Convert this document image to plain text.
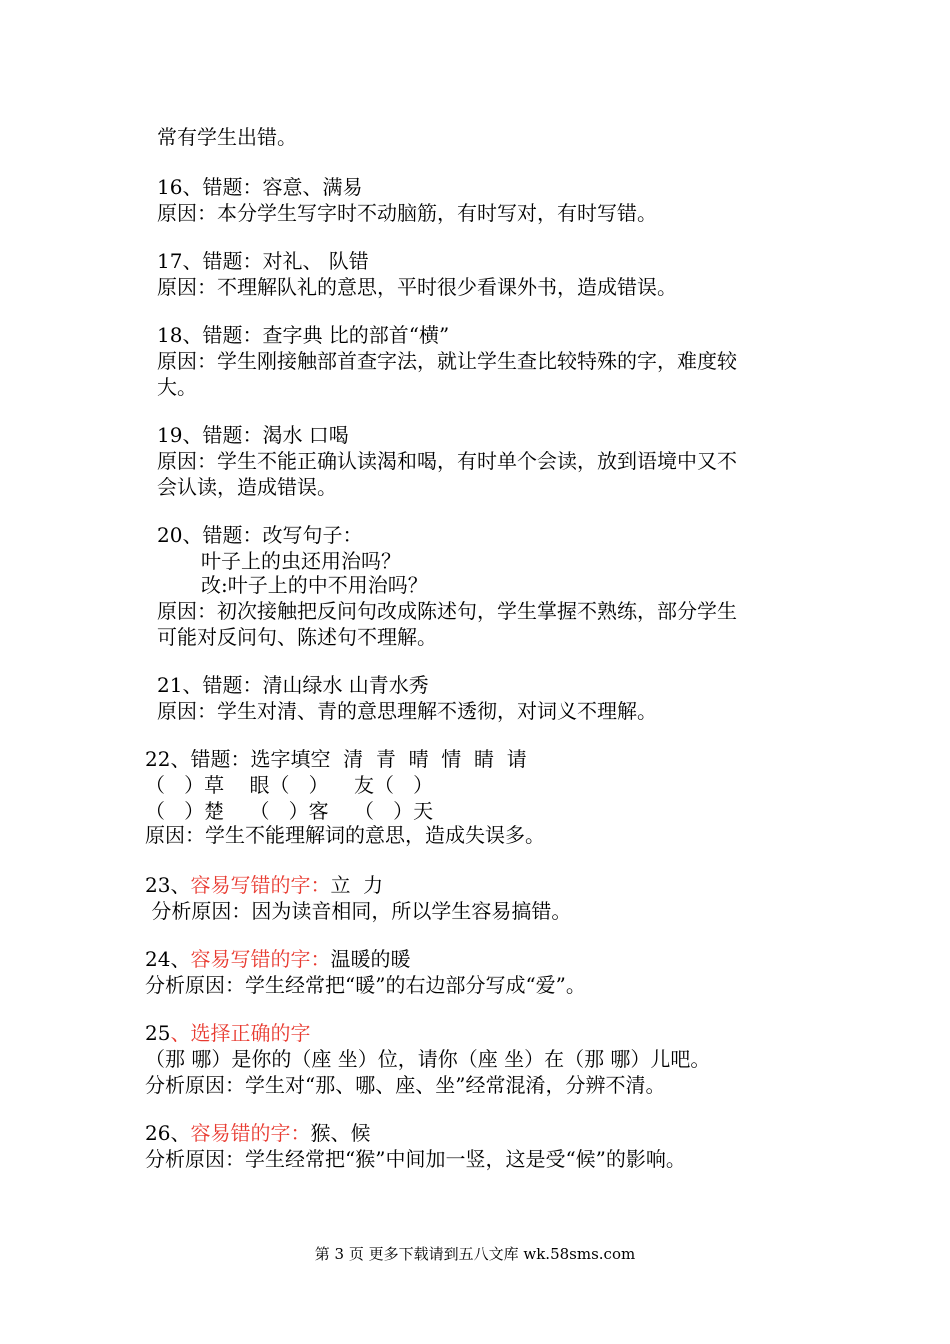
常有学生出错。
16、错题：容意、满易
原因：本分学生写字时不动脑筋，有时写对，有时写错。
17、错题：对礼、 队错
原因：不理解队礼的意思，平时很少看课外书，造成错误。
18、错题：查字典 比的部首“横”
原因：学生刚接触部首查字法，就让学生查比较特殊的字，难度较
大。
19、错题：渴水 口喝
原因：学生不能正确认读渴和喝，有时单个会读，放到语境中又不
会认读，造成错误。
20、错题：改写句子：
叶子上的虫还用治吗？
改:叶子上的中不用治吗？
原因：初次接触把反问句改成陈述句，学生掌握不熟练，部分学生
可能对反问句、陈述句不理解。
21、错题：清山绿水 山青水秀
原因：学生对清、青的意思理解不透彻，对词义不理解。
22、错题：选字填空  清  青  晴  情  睛  请
（   ）草    眼（   ）    友（   ）
（   ）楚    （   ）客    （   ）天
原因：学生不能理解词的意思，造成失误多。
23、容易写错的字：立  力
分析原因：因为读音相同，所以学生容易搞错。
24、容易写错的字：温暖的暖
分析原因：学生经常把“暖”的右边部分写成“爱”。
25、选择正确的字
（那 哪）是你的（座 坐）位，请你（座 坐）在（那 哪）儿吧。
分析原因：学生对“那、哪、座、坐”经常混淆，分辨不清。
26、容易错的字：猴、候
分析原因：学生经常把“猴”中间加一竖，这是受“候”的影响。
第 3 页 更多下载请到五八文库 wk.58sms.com
